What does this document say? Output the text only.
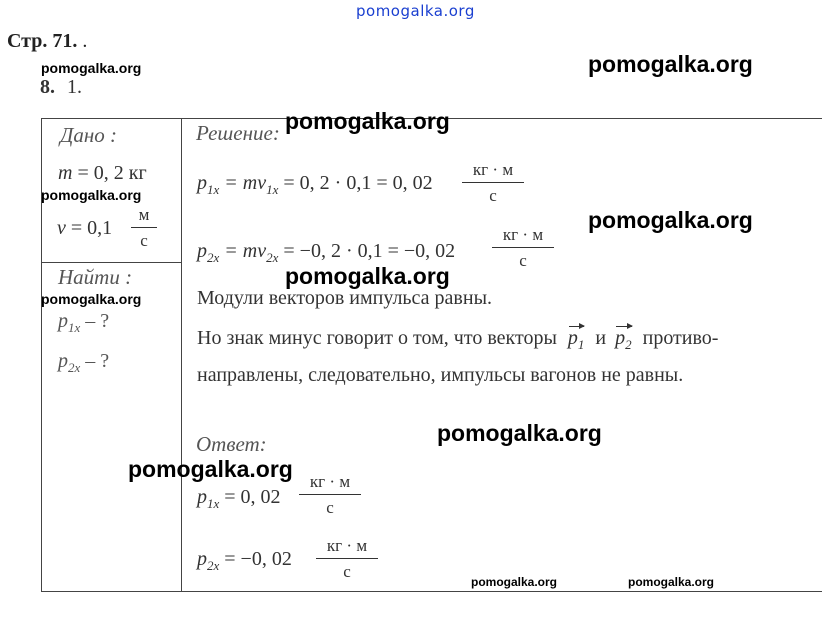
pomogalka.org
Стр. 71. .
8. 1.
Дано :
m = 0, 2 кг
v = 0,1
м
с
Найти :
$p_{1x}$ – ?
$p_{2x}$ – ?
Решение:
$p_{1x} = mv_{1x} = 0$, 2 · 0,1 = 0, 02
кг · м
с
$p_{2x} = mv_{2x} = -0$, 2 · 0,1 = −0, 02
кг · м
с
Модули векторов импульса равны.
Но знак минус говорит о том, что векторы $p_1$ и $p_2$ противо-
направлены, следовательно, импульсы вагонов не равны.
Ответ:
$p_{1x} = 0$, 02
кг · м
с
$p_{2x} = -0$, 02
кг · м
с
pomogalka.org	pomogalka.org
pomogalka.org
pomogalka.org
pomogalka.org
pomogalka.org
pomogalka.org
pomogalka.org
pomogalka.org
pomogalka.org	pomogalka.org
